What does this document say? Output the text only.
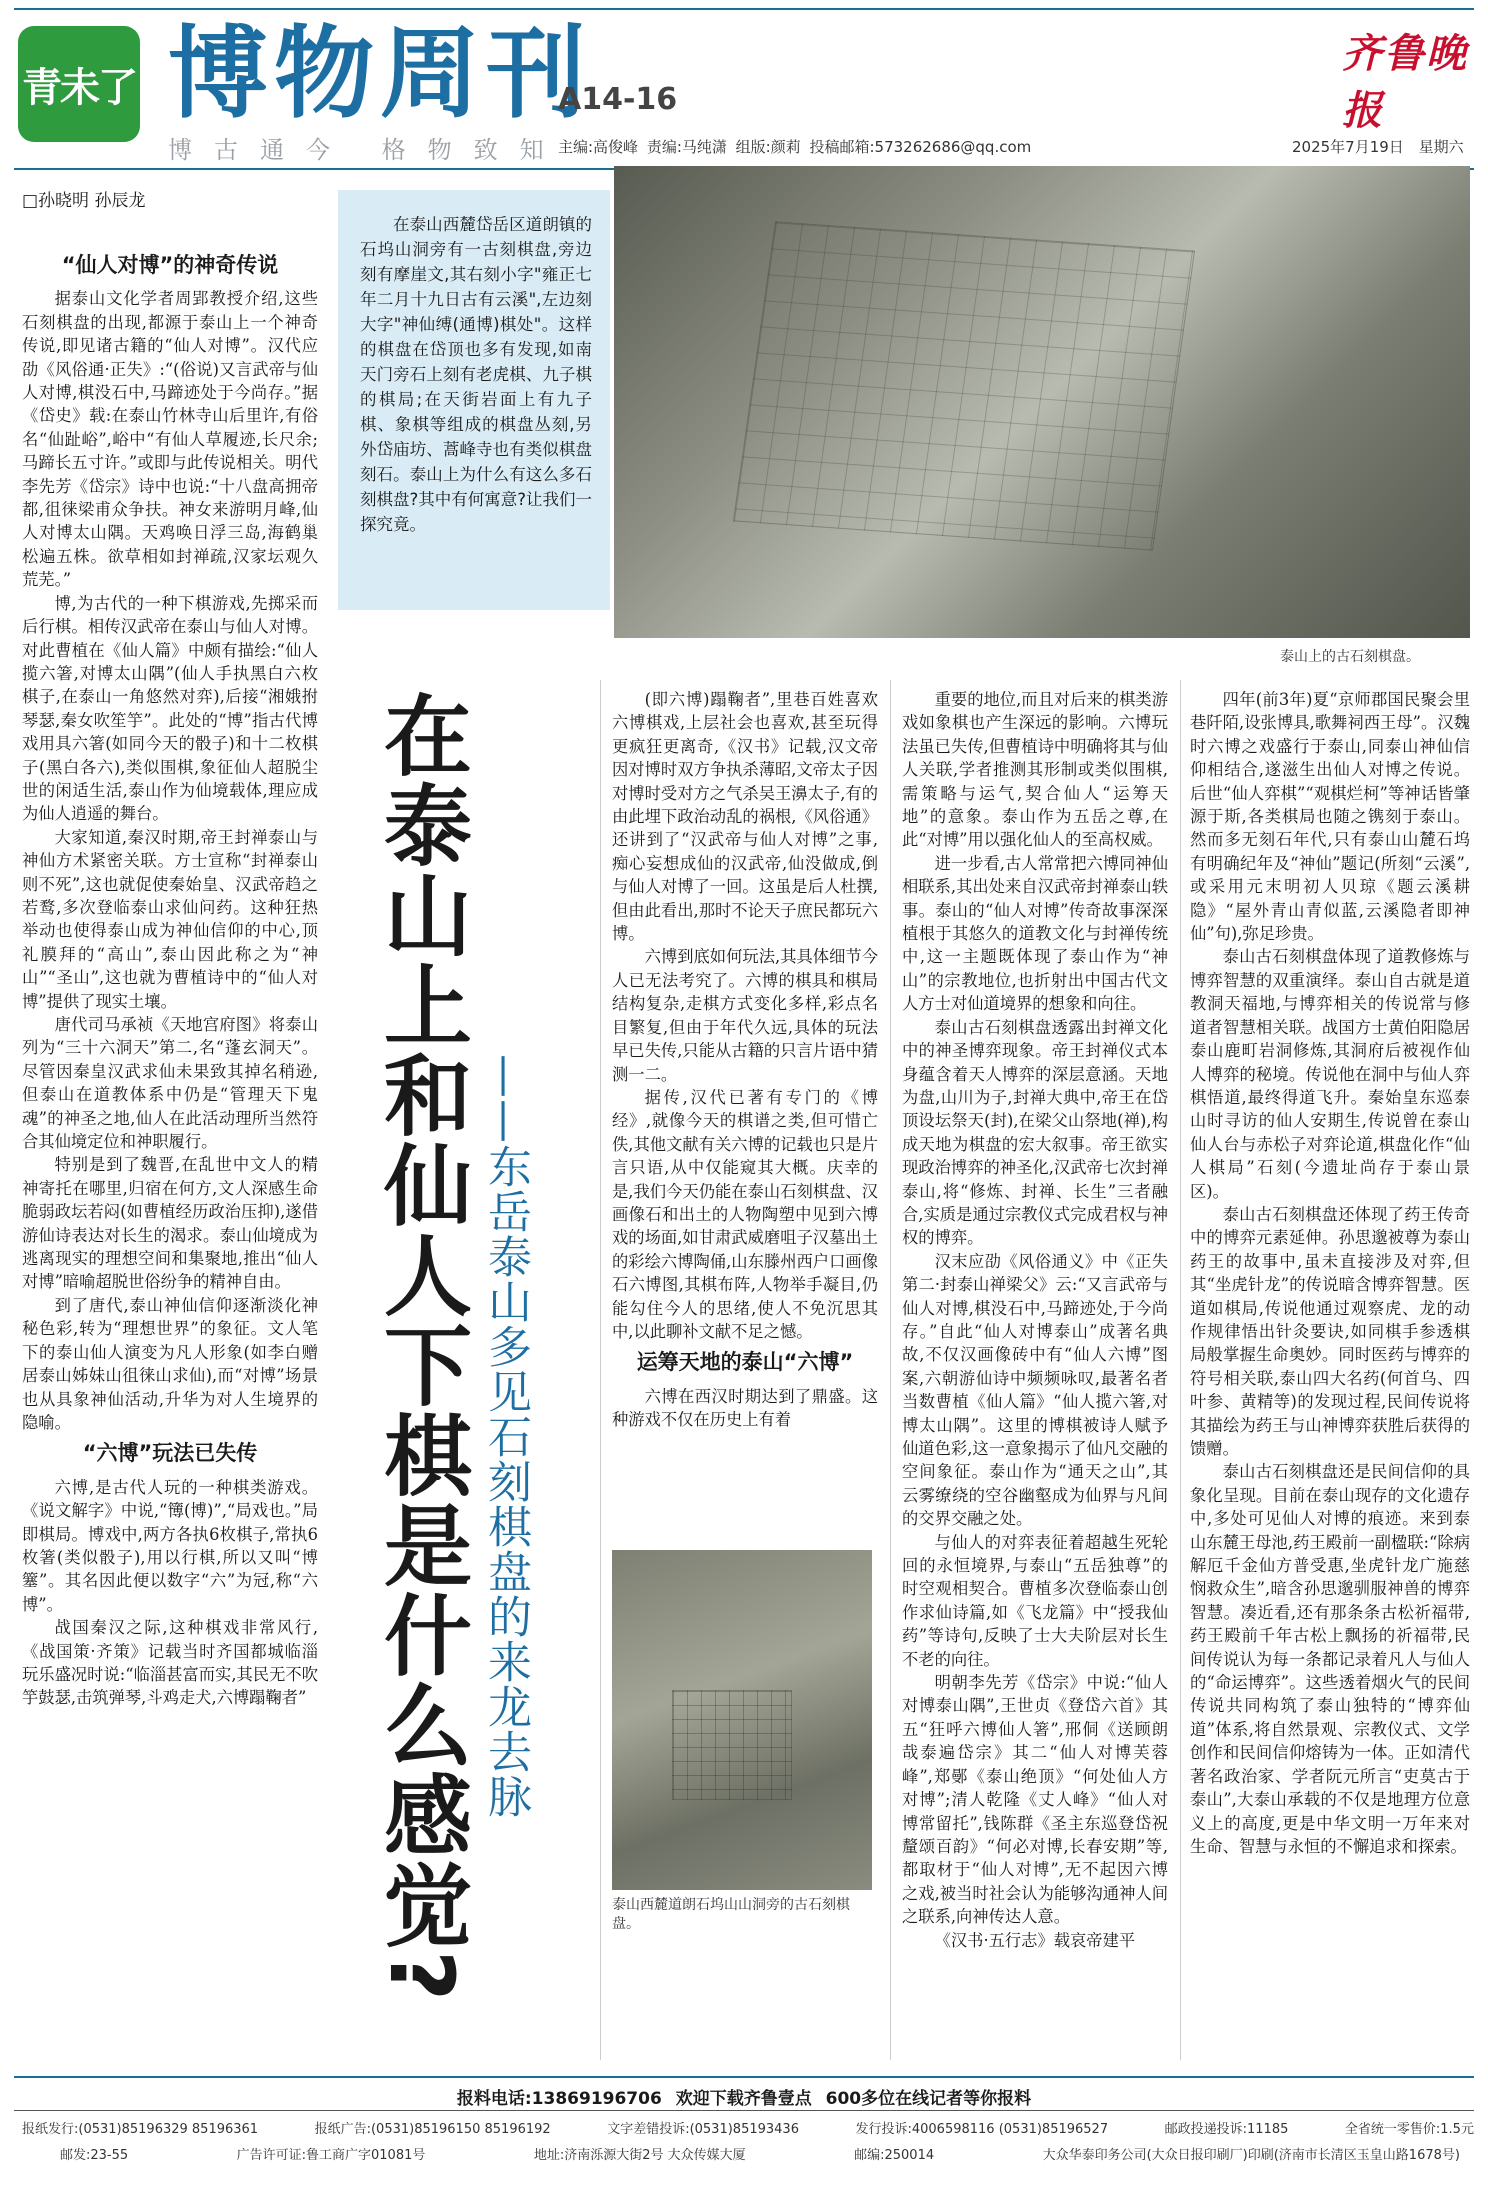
青未了 博物周刊
博古通今 格物致知
A14-16
齐鲁晚报
主编:高俊峰 责编:马纯潇 组版:颜莉 投稿邮箱:573262686@qq.com	2025年7月19日 星期六
□孙晓明 孙辰龙
“仙人对博”的神奇传说

据泰山文化学者周郢教授介绍,这些石刻棋盘的出现,都源于泰山上一个神奇传说,即见诸古籍的“仙人对博”。汉代应劭《风俗通·正失》:“(俗说)又言武帝与仙人对博,棋没石中,马蹄迹处于今尚存。”据《岱史》载:在泰山竹林寺山后里许,有俗名“仙趾峪”,峪中“有仙人草履迹,长尺余;马蹄长五寸许。”或即与此传说相关。明代李先芳《岱宗》诗中也说:“十八盘高拥帝都,徂徕梁甫众争扶。神女来游明月峰,仙人对博太山隅。天鸡唤日浮三岛,海鹤巢松遍五株。欲草相如封禅疏,汉家坛观久荒芜。”

博,为古代的一种下棋游戏,先掷采而后行棋。相传汉武帝在泰山与仙人对博。对此曹植在《仙人篇》中颇有描绘:“仙人揽六箸,对博太山隅”(仙人手执黑白六枚棋子,在泰山一角悠然对弈),后接“湘娥拊琴瑟,秦女吹笙竽”。此处的“博”指古代博戏用具六箸(如同今天的骰子)和十二枚棋子(黑白各六),类似围棋,象征仙人超脱尘世的闲适生活,泰山作为仙境载体,理应成为仙人逍遥的舞台。

大家知道,秦汉时期,帝王封禅泰山与神仙方术紧密关联。方士宣称“封禅泰山则不死”,这也就促使秦始皇、汉武帝趋之若鹜,多次登临泰山求仙问药。这种狂热举动也使得泰山成为神仙信仰的中心,顶礼膜拜的“高山”,泰山因此称之为“神山”“圣山”,这也就为曹植诗中的“仙人对博”提供了现实土壤。

唐代司马承祯《天地宫府图》将泰山列为“三十六洞天”第二,名“蓬玄洞天”。尽管因秦皇汉武求仙未果致其掉名稍逊,但泰山在道教体系中仍是“管理天下鬼魂”的神圣之地,仙人在此活动理所当然符合其仙境定位和神职履行。

特别是到了魏晋,在乱世中文人的精神寄托在哪里,归宿在何方,文人深感生命脆弱政坛若闷(如曹植经历政治压抑),遂借游仙诗表达对长生的渴求。泰山仙境成为逃离现实的理想空间和集聚地,推出“仙人对博”暗喻超脱世俗纷争的精神自由。

到了唐代,泰山神仙信仰逐渐淡化神秘色彩,转为“理想世界”的象征。文人笔下的泰山仙人演变为凡人形象(如李白赠居泰山姊妹山徂徕山求仙),而“对博”场景也从具象神仙活动,升华为对人生境界的隐喻。

“六博”玩法已失传

六博,是古代人玩的一种棋类游戏。《说文解字》中说,“簙(博)”,“局戏也。”局即棋局。博戏中,两方各执6枚棋子,常执6枚箸(类似骰子),用以行棋,所以又叫“博簺”。其名因此便以数字“六”为冠,称“六博”。

战国秦汉之际,这种棋戏非常风行,《战国策·齐策》记载当时齐国都城临淄玩乐盛况时说:“临淄甚富而实,其民无不吹竽鼓瑟,击筑弹琴,斗鸡走犬,六博蹋鞠者”

在泰山西麓岱岳区道朗镇的石坞山洞旁有一古刻棋盘,旁边刻有摩崖文,其右刻小字"雍正七年二月十九日古有云溪",左边刻大字"神仙缚(通博)棋处"。这样的棋盘在岱顶也多有发现,如南天门旁石上刻有老虎棋、九子棋的棋局;在天街岩面上有九子棋、象棋等组成的棋盘丛刻,另外岱庙坊、蒿峰寺也有类似棋盘刻石。泰山上为什么有这么多石刻棋盘?其中有何寓意?让我们一探究竟。
在泰山上和仙人下棋是什么感觉? ——东岳泰山多见石刻棋盘的来龙去脉
泰山上的古石刻棋盘。

(即六博)蹋鞠者”,里巷百姓喜欢六博棋戏,上层社会也喜欢,甚至玩得更疯狂更离奇,《汉书》记载,汉文帝因对博时双方争执杀薄昭,文帝太子因对博时受对方之气杀吴王濞太子,有的由此埋下政治动乱的祸根,《风俗通》还讲到了“汉武帝与仙人对博”之事,痴心妄想成仙的汉武帝,仙没做成,倒与仙人对博了一回。这虽是后人杜撰,但由此看出,那时不论天子庶民都玩六博。

六博到底如何玩法,其具体细节今人已无法考究了。六博的棋具和棋局结构复杂,走棋方式变化多样,彩点名目繁复,但由于年代久远,具体的玩法早已失传,只能从古籍的只言片语中猜测一二。

据传,汉代已著有专门的《博经》,就像今天的棋谱之类,但可惜亡佚,其他文献有关六博的记载也只是片言只语,从中仅能窥其大概。庆幸的是,我们今天仍能在泰山石刻棋盘、汉画像石和出土的人物陶塑中见到六博戏的场面,如甘肃武威磨咀子汉墓出土的彩绘六博陶俑,山东滕州西户口画像石六博图,其棋布阵,人物举手凝目,仍能勾住今人的思绪,使人不免沉思其中,以此聊补文献不足之憾。

运筹天地的泰山“六博”

六博在西汉时期达到了鼎盛。这种游戏不仅在历史上有着

泰山西麓道朗石坞山山洞旁的古石刻棋盘。

重要的地位,而且对后来的棋类游戏如象棋也产生深远的影响。六博玩法虽已失传,但曹植诗中明确将其与仙人关联,学者推测其形制或类似围棋,需策略与运气,契合仙人“运筹天地”的意象。泰山作为五岳之尊,在此“对博”用以强化仙人的至高权威。

进一步看,古人常常把六博同神仙相联系,其出处来自汉武帝封禅泰山轶事。泰山的“仙人对博”传奇故事深深植根于其悠久的道教文化与封禅传统中,这一主题既体现了泰山作为“神山”的宗教地位,也折射出中国古代文人方士对仙道境界的想象和向往。

泰山古石刻棋盘透露出封禅文化中的神圣博弈现象。帝王封禅仪式本身蕴含着天人博弈的深层意涵。天地为盘,山川为子,封禅大典中,帝王在岱顶设坛祭天(封),在梁父山祭地(禅),构成天地为棋盘的宏大叙事。帝王欲实现政治博弈的神圣化,汉武帝七次封禅泰山,将“修炼、封禅、长生”三者融合,实质是通过宗教仪式完成君权与神权的博弈。

汉末应劭《风俗通义》中《正失第二·封泰山禅梁父》云:“又言武帝与仙人对博,棋没石中,马蹄迹处,于今尚存。”自此“仙人对博泰山”成著名典故,不仅汉画像砖中有“仙人六博”图案,六朝游仙诗中频频咏叹,最著名者当数曹植《仙人篇》“仙人揽六箸,对博太山隅”。这里的博棋被诗人赋予仙道色彩,这一意象揭示了仙凡交融的空间象征。泰山作为“通天之山”,其云雾缭绕的空谷幽壑成为仙界与凡间的交界交融之处。

与仙人的对弈表征着超越生死轮回的永恒境界,与泰山“五岳独尊”的时空观相契合。曹植多次登临泰山创作求仙诗篇,如《飞龙篇》中“授我仙药”等诗句,反映了士大夫阶层对长生不老的向往。

明朝李先芳《岱宗》中说:“仙人对博泰山隅”,王世贞《登岱六首》其五“狂呼六博仙人箸”,邢侗《送顾朗哉泰遍岱宗》其二“仙人对博芙蓉峰”,郑鄤《泰山绝顶》“何处仙人方对博”;清人乾隆《丈人峰》“仙人对博常留托”,钱陈群《圣主东巡登岱祝釐颂百韵》“何必对博,长春安期”等,都取材于“仙人对博”,无不起因六博之戏,被当时社会认为能够沟通神人间之联系,向神传达人意。

《汉书·五行志》载哀帝建平

四年(前3年)夏“京师郡国民聚会里巷阡陌,设张博具,歌舞祠西王母”。汉魏时六博之戏盛行于泰山,同泰山神仙信仰相结合,遂滋生出仙人对博之传说。后世“仙人弈棋”“观棋烂柯”等神话皆肇源于斯,各类棋局也随之镌刻于泰山。然而多无刻石年代,只有泰山山麓石坞有明确纪年及“神仙”题记(所刻“云溪”,或采用元末明初人贝琼《题云溪耕隐》“屋外青山青似蓝,云溪隐者即神仙”句),弥足珍贵。

泰山古石刻棋盘体现了道教修炼与博弈智慧的双重演绎。泰山自古就是道教洞天福地,与博弈相关的传说常与修道者智慧相关联。战国方士黄伯阳隐居泰山鹿町岩洞修炼,其洞府后被视作仙人博弈的秘境。传说他在洞中与仙人弈棋悟道,最终得道飞升。秦始皇东巡泰山时寻访的仙人安期生,传说曾在泰山仙人台与赤松子对弈论道,棋盘化作“仙人棋局”石刻(今遗址尚存于泰山景区)。

泰山古石刻棋盘还体现了药王传奇中的博弈元素延伸。孙思邈被尊为泰山药王的故事中,虽未直接涉及对弈,但其“坐虎针龙”的传说暗含博弈智慧。医道如棋局,传说他通过观察虎、龙的动作规律悟出针灸要诀,如同棋手参透棋局般掌握生命奥妙。同时医药与博弈的符号相关联,泰山四大名药(何首乌、四叶参、黄精等)的发现过程,民间传说将其描绘为药王与山神博弈获胜后获得的馈赠。

泰山古石刻棋盘还是民间信仰的具象化呈现。目前在泰山现存的文化遗存中,多处可见仙人对博的痕迹。来到泰山东麓王母池,药王殿前一副楹联:“除病解厄千金仙方普受惠,坐虎针龙广施慈悯救众生”,暗含孙思邈驯服神兽的博弈智慧。凑近看,还有那条条古松祈福带,药王殿前千年古松上飘扬的祈福带,民间传说认为每一条都记录着凡人与仙人的“命运博弈”。这些透着烟火气的民间传说共同构筑了泰山独特的“博弈仙道”体系,将自然景观、宗教仪式、文学创作和民间信仰熔铸为一体。正如清代著名政治家、学者阮元所言“吏莫古于泰山”,大泰山承载的不仅是地理方位意义上的高度,更是中华文明一万年来对生命、智慧与永恒的不懈追求和探索。

报料电话:13869196706 欢迎下载齐鲁壹点 600多位在线记者等你报料
报纸发行:(0531)85196329 85196361	报纸广告:(0531)85196150 85196192	文字差错投诉:(0531)85193436	发行投诉:4006598116 (0531)85196527	邮政投递投诉:11185	全省统一零售价:1.5元
邮发:23-55	广告许可证:鲁工商广字01081号	地址:济南泺源大街2号 大众传媒大厦	邮编:250014	大众华泰印务公司(大众日报印刷厂)印刷(济南市长清区玉皇山路1678号)
